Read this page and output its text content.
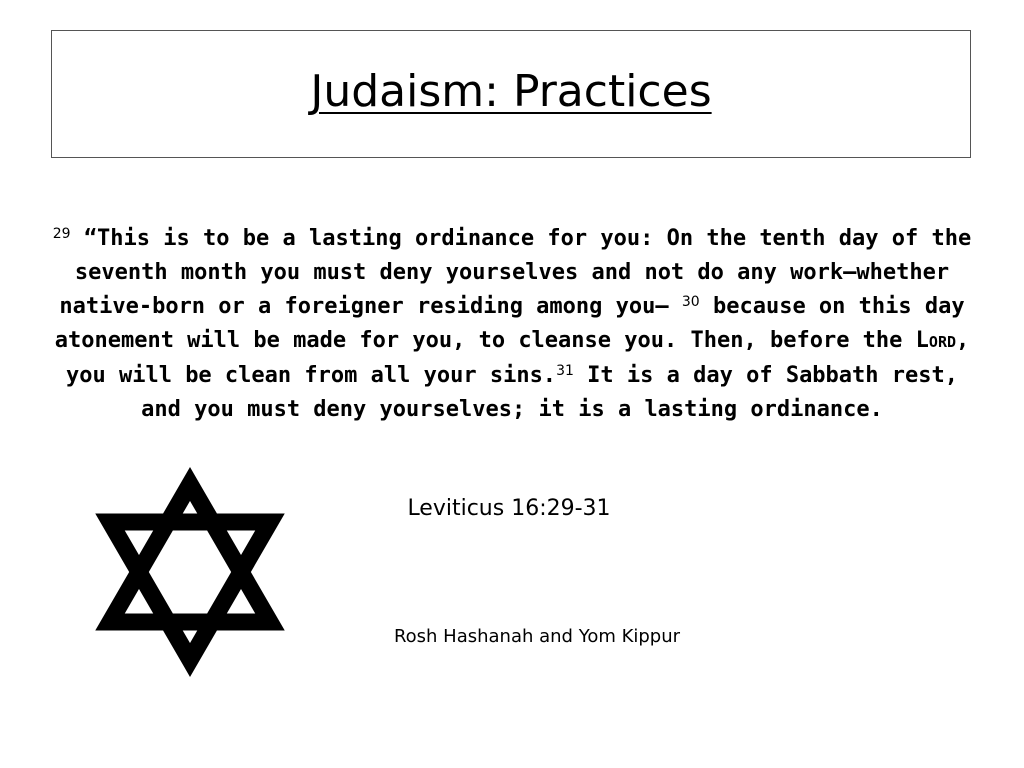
Judaism: Practices

$^{29}$ “This is to be a lasting ordinance for you: On the tenth day of the seventh month you must deny yourselves and not do any work—whether native-born or a foreigner residing among you— $^{30}$ because on this day atonement will be made for you, to cleanse you. Then, before the LORD, you will be clean from all your sins.$^{31}$ It is a day of Sabbath rest, and you must deny yourselves; it is a lasting ordinance.

Leviticus 16:29-31

Rosh Hashanah and Yom Kippur
